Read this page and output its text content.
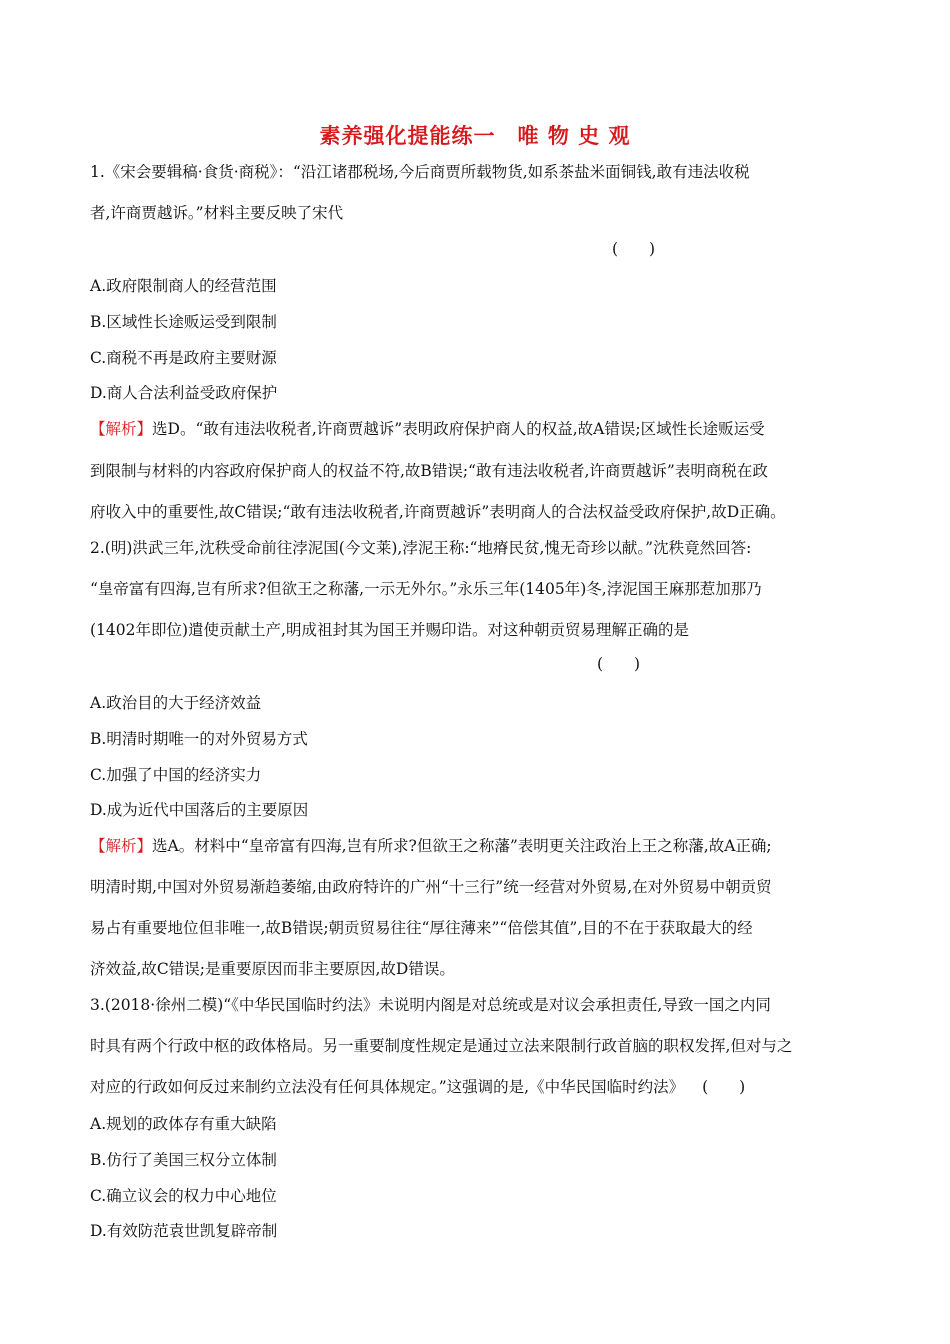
素养强化提能练一　唯 物 史 观
1.《宋会要辑稿·食货·商税》：“沿江诸郡税场,今后商贾所载物货,如系茶盐米面铜钱,敢有违法收税
者,许商贾越诉。”材料主要反映了宋代
(　　)
A.政府限制商人的经营范围
B.区域性长途贩运受到限制
C.商税不再是政府主要财源
D.商人合法利益受政府保护
【解析】选D。“敢有违法收税者,许商贾越诉”表明政府保护商人的权益,故A错误;区域性长途贩运受
到限制与材料的内容政府保护商人的权益不符,故B错误;“敢有违法收税者,许商贾越诉”表明商税在政
府收入中的重要性,故C错误;“敢有违法收税者,许商贾越诉”表明商人的合法权益受政府保护,故D正确。
2.(明)洪武三年,沈秩受命前往浡泥国(今文莱),浡泥王称:“地瘠民贫,愧无奇珍以献。”沈秩竟然回答:
“皇帝富有四海,岂有所求?但欲王之称藩,一示无外尔。”永乐三年(1405年)冬,浡泥国王麻那惹加那乃
(1402年即位)遣使贡献土产,明成祖封其为国王并赐印诰。对这种朝贡贸易理解正确的是
(　　)
A.政治目的大于经济效益
B.明清时期唯一的对外贸易方式
C.加强了中国的经济实力
D.成为近代中国落后的主要原因
【解析】选A。材料中“皇帝富有四海,岂有所求?但欲王之称藩”表明更关注政治上王之称藩,故A正确;
明清时期,中国对外贸易渐趋萎缩,由政府特许的广州“十三行”统一经营对外贸易,在对外贸易中朝贡贸
易占有重要地位但非唯一,故B错误;朝贡贸易往往“厚往薄来”“倍偿其值”,目的不在于获取最大的经
济效益,故C错误;是重要原因而非主要原因,故D错误。
3.(2018·徐州二模)“《中华民国临时约法》未说明内阁是对总统或是对议会承担责任,导致一国之内同
时具有两个行政中枢的政体格局。另一重要制度性规定是通过立法来限制行政首脑的职权发挥,但对与之
对应的行政如何反过来制约立法没有任何具体规定。”这强调的是,《中华民国临时约法》 (　　)
A.规划的政体存有重大缺陷
B.仿行了美国三权分立体制
C.确立议会的权力中心地位
D.有效防范袁世凯复辟帝制
